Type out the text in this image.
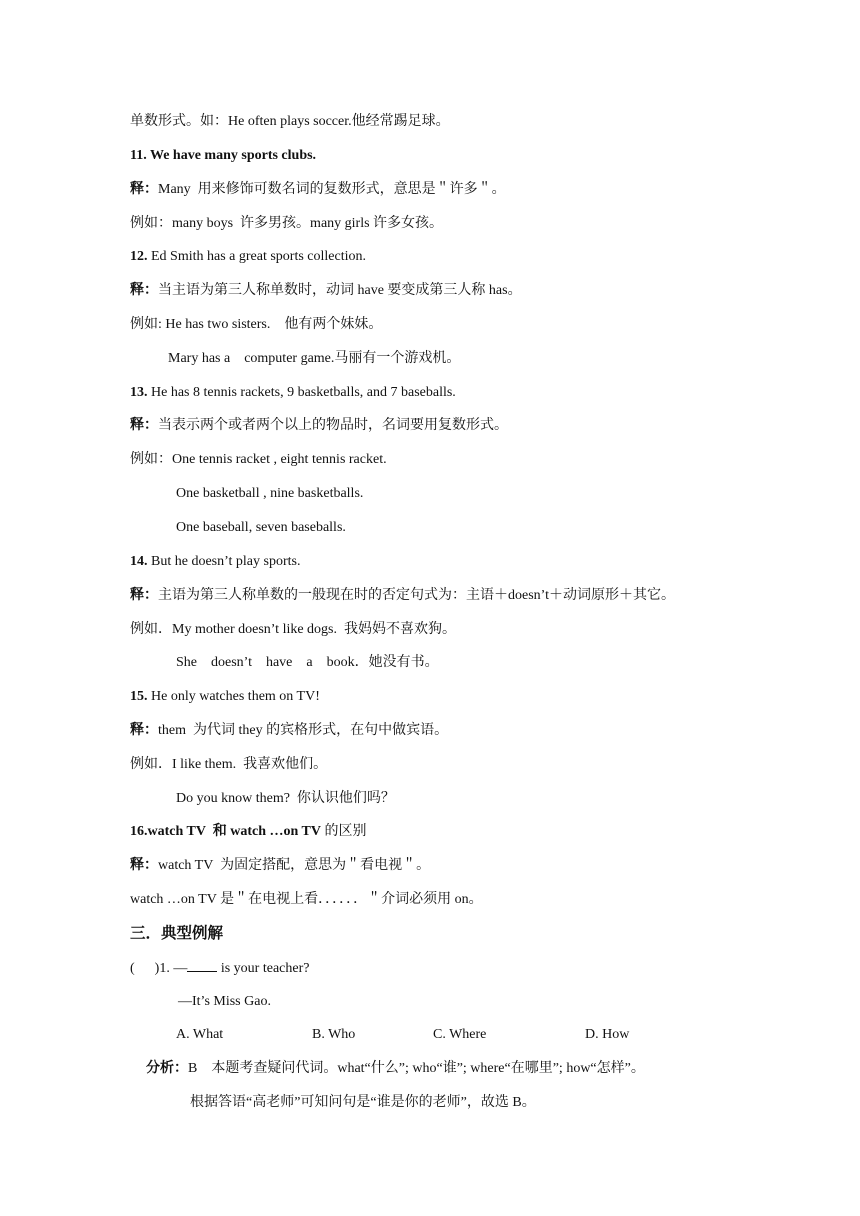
单数形式。如：He often plays soccer.他经常踢足球。
11. We have many sports clubs.
释：Many  用来修饰可数名词的复数形式，意思是＂许多＂。
例如：many boys  许多男孩。many girls 许多女孩。
12. Ed Smith has a great sports collection.
释：当主语为第三人称单数时，动词 have 要变成第三人称 has。
例如: He has two sisters.    他有两个妹妹。
Mary has a    computer game.马丽有一个游戏机。
13. He has 8 tennis rackets, 9 basketballs, and 7 baseballs.
释：当表示两个或者两个以上的物品时，名词要用复数形式。
例如：One tennis racket , eight tennis racket.
One basketball , nine basketballs.
One baseball, seven baseballs.
14. But he doesn’t play sports.
释：主语为第三人称单数的一般现在时的否定句式为：主语＋doesn’t＋动词原形＋其它。
例如．My mother doesn’t like dogs.  我妈妈不喜欢狗。
She    doesn’t    have    a    book．她没有书。
15. He only watches them on TV!
释：them  为代词 they 的宾格形式，在句中做宾语。
例如．I like them.  我喜欢他们。
Do you know them?  你认识他们吗？
16.watch TV  和 watch …on TV 的区别
释：watch TV  为固定搭配，意思为＂看电视＂。
watch …on TV 是＂在电视上看．．．．．．＂介词必须用 on。
三．典型例解
( )1. — is your teacher?
—It’s Miss Gao.
A. What	B. Who	C. Where	D. How
分析：B    本题考查疑问代词。what“什么”; who“谁”; where“在哪里”; how“怎样”。
根据答语“高老师”可知问句是“谁是你的老师”，故选 B。
